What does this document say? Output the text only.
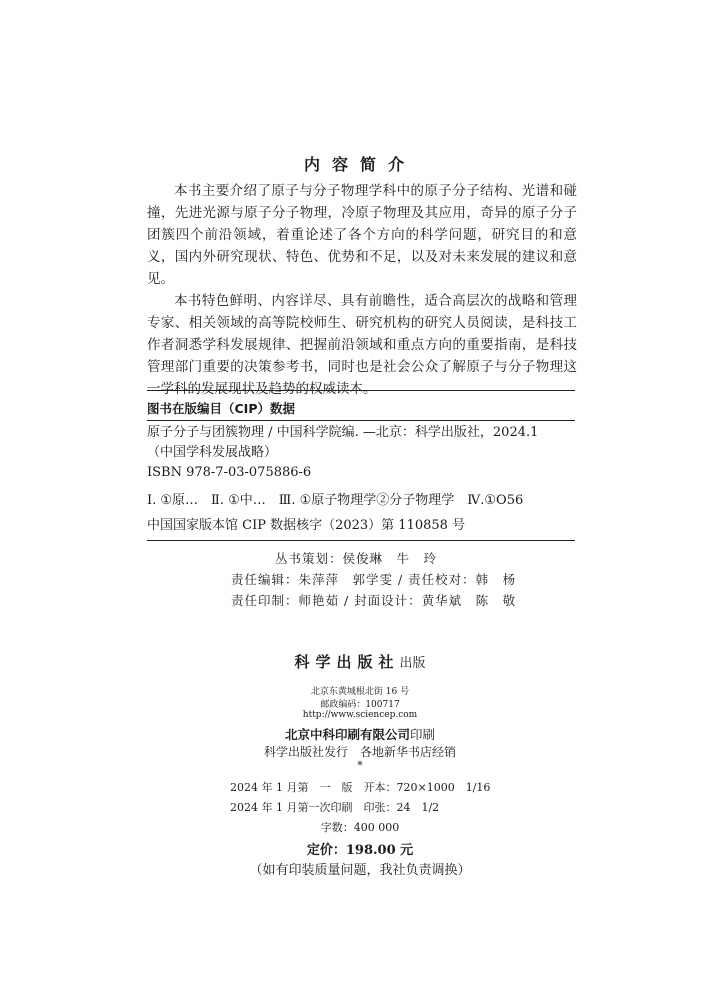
内容简介

本书主要介绍了原子与分子物理学科中的原子分子结构、光谱和碰撞，先进光源与原子分子物理，冷原子物理及其应用，奇异的原子分子团簇四个前沿领域，着重论述了各个方向的科学问题，研究目的和意义，国内外研究现状、特色、优势和不足，以及对未来发展的建议和意见。

本书特色鲜明、内容详尽、具有前瞻性，适合高层次的战略和管理专家、相关领域的高等院校师生、研究机构的研究人员阅读，是科技工作者洞悉学科发展规律、把握前沿领域和重点方向的重要指南，是科技管理部门重要的决策参考书，同时也是社会公众了解原子与分子物理这一学科的发展现状及趋势的权威读本。

图书在版编目（CIP）数据
原子分子与团簇物理 / 中国科学院编. —北京：科学出版社，2024.1
（中国学科发展战略）
ISBN 978-7-03-075886-6
Ⅰ. ①原…　Ⅱ. ①中…　Ⅲ. ①原子物理学②分子物理学　Ⅳ.①O56
中国国家版本馆 CIP 数据核字（2023）第 110858 号
丛书策划：侯俊琳　牛　玲
责任编辑：朱萍萍　郭学雯 / 责任校对：韩　杨
责任印制：师艳茹 / 封面设计：黄华斌　陈　敬
科学出版社出版
北京东黄城根北街 16 号
邮政编码：100717
http://www.sciencep.com
北京中科印刷有限公司印刷
科学出版社发行　各地新华书店经销
*
2024 年 1 月第　一　版　开本：720×1000　1/16
2024 年 1 月第一次印刷　印张：24　1/2
字数：400 000
定价：198.00 元
（如有印装质量问题，我社负责调换）
